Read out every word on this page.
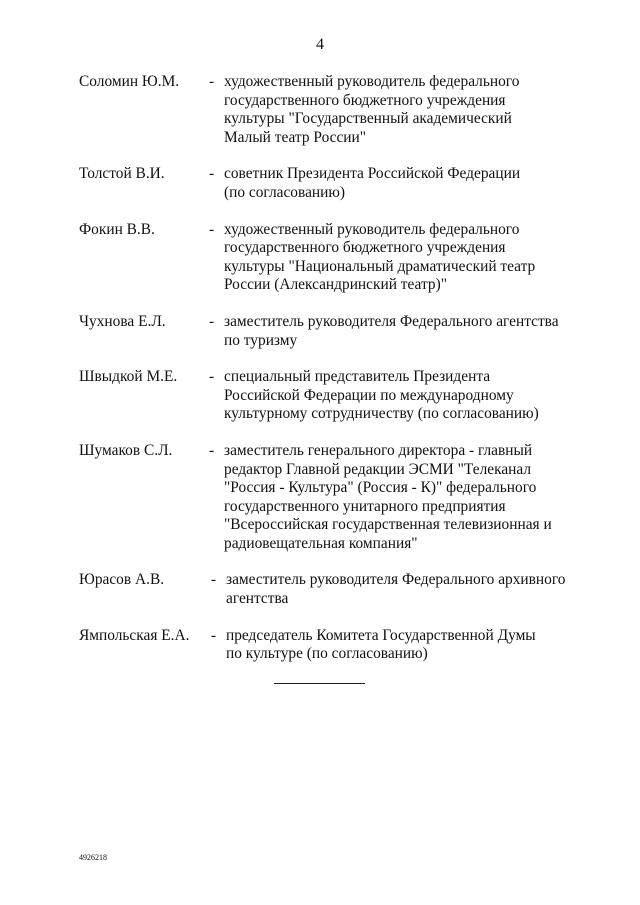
4
Соломин Ю.М. - художественный руководитель федерального
государственного бюджетного учреждения
культуры "Государственный академический
Малый театр России"
Толстой В.И.	- советник Президента Российской Федерации
(по согласованию)
Фокин В.В.	- художественный руководитель федерального
государственного бюджетного учреждения
культуры "Национальный драматический театр
России (Александринский театр)"
Чухнова Е.Л.	- заместитель руководителя Федерального агентства
по туризму
Швыдкой М.Е. - специальный представитель Президента
Российской Федерации по международному
культурному сотрудничеству (по согласованию)
Шумаков С.Л. - заместитель генерального директора - главный
редактор Главной редакции ЭСМИ "Телеканал
"Россия - Культура" (Россия - К)" федерального
государственного унитарного предприятия
"Всероссийская государственная телевизионная и
радиовещательная компания"
Юрасов А.В.	- заместитель руководителя Федерального архивного
агентства
Ямпольская Е.А. - председатель Комитета Государственной Думы
по культуре (по согласованию)
4926218
